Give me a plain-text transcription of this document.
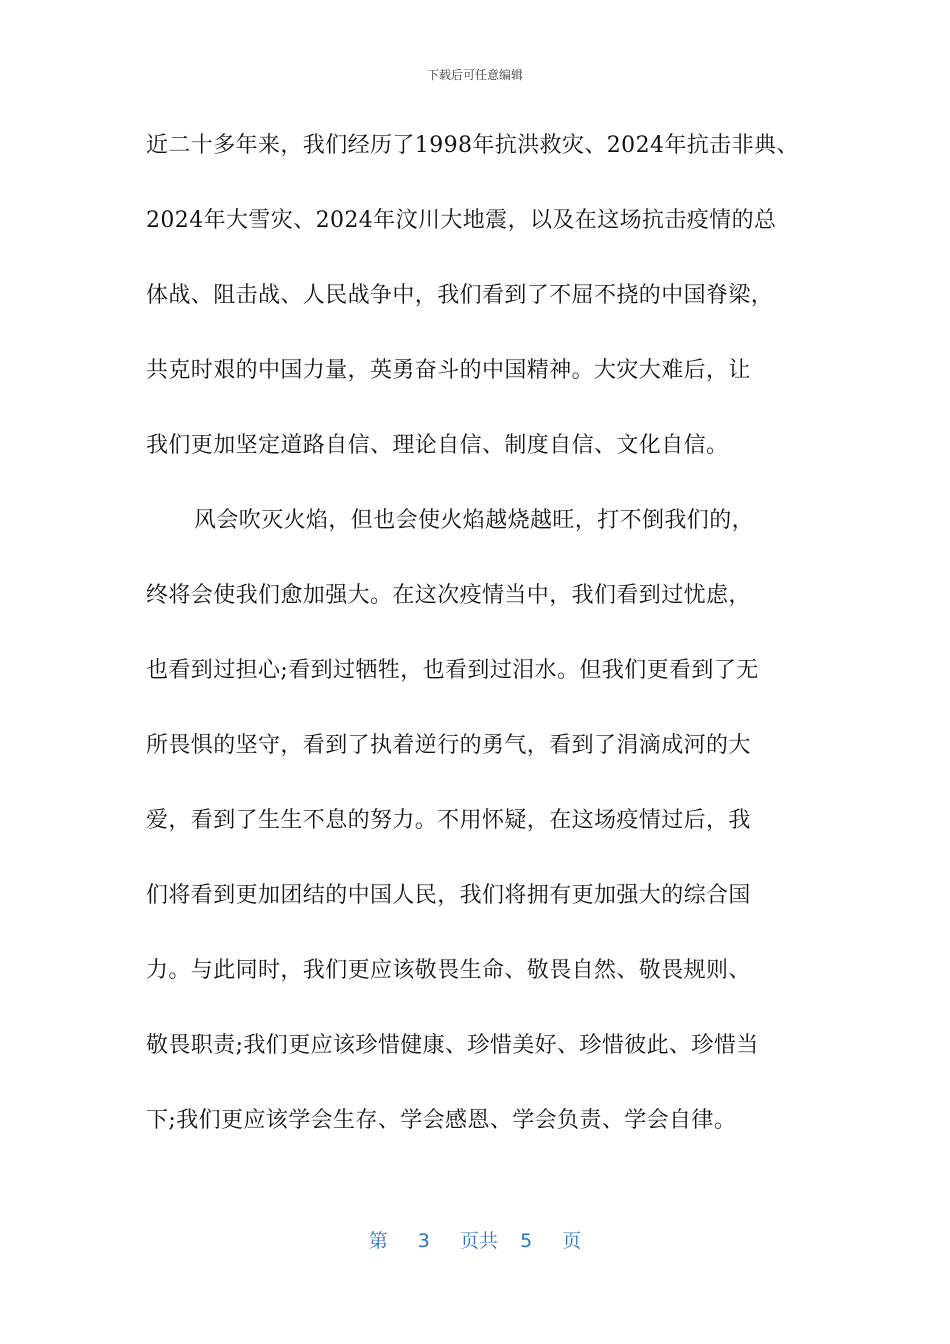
下载后可任意编辑
近二十多年来，我们经历了1998年抗洪救灾、2024年抗击非典、
2024年大雪灾、2024年汶川大地震，以及在这场抗击疫情的总
体战、阻击战、人民战争中，我们看到了不屈不挠的中国脊梁，
共克时艰的中国力量，英勇奋斗的中国精神。大灾大难后，让
我们更加坚定道路自信、理论自信、制度自信、文化自信。
风会吹灭火焰，但也会使火焰越烧越旺，打不倒我们的，
终将会使我们愈加强大。在这次疫情当中，我们看到过忧虑，
也看到过担心;看到过牺牲，也看到过泪水。但我们更看到了无
所畏惧的坚守，看到了执着逆行的勇气，看到了涓滴成河的大
爱，看到了生生不息的努力。不用怀疑，在这场疫情过后，我
们将看到更加团结的中国人民，我们将拥有更加强大的综合国
力。与此同时，我们更应该敬畏生命、敬畏自然、敬畏规则、
敬畏职责;我们更应该珍惜健康、珍惜美好、珍惜彼此、珍惜当
下;我们更应该学会生存、学会感恩、学会负责、学会自律。
第 3 页共 5 页
